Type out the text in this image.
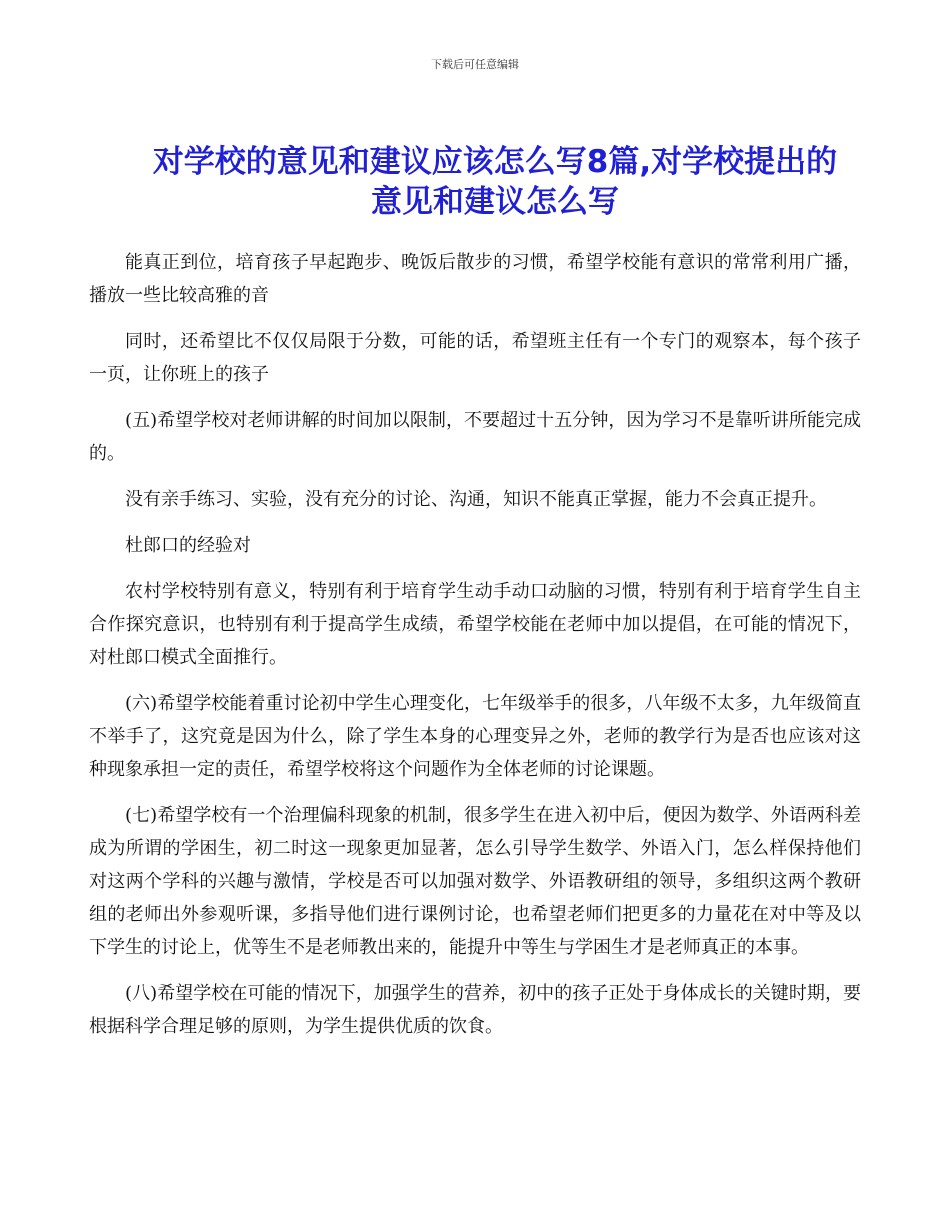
下载后可任意编辑
对学校的意见和建议应该怎么写8篇,对学校提出的意见和建议怎么写

能真正到位，培育孩子早起跑步、晚饭后散步的习惯，希望学校能有意识的常常利用广播，播放一些比较高雅的音

同时，还希望比不仅仅局限于分数，可能的话，希望班主任有一个专门的观察本，每个孩子一页，让你班上的孩子

(五)希望学校对老师讲解的时间加以限制，不要超过十五分钟，因为学习不是靠听讲所能完成的。

没有亲手练习、实验，没有充分的讨论、沟通，知识不能真正掌握，能力不会真正提升。

杜郎口的经验对

农村学校特别有意义，特别有利于培育学生动手动口动脑的习惯，特别有利于培育学生自主合作探究意识，也特别有利于提高学生成绩，希望学校能在老师中加以提倡，在可能的情况下，对杜郎口模式全面推行。

(六)希望学校能着重讨论初中学生心理变化，七年级举手的很多，八年级不太多，九年级简直不举手了，这究竟是因为什么，除了学生本身的心理变异之外，老师的教学行为是否也应该对这种现象承担一定的责任，希望学校将这个问题作为全体老师的讨论课题。

(七)希望学校有一个治理偏科现象的机制，很多学生在进入初中后，便因为数学、外语两科差成为所谓的学困生，初二时这一现象更加显著，怎么引导学生数学、外语入门，怎么样保持他们对这两个学科的兴趣与激情，学校是否可以加强对数学、外语教研组的领导，多组织这两个教研组的老师出外参观听课，多指导他们进行课例讨论，也希望老师们把更多的力量花在对中等及以下学生的讨论上，优等生不是老师教出来的，能提升中等生与学困生才是老师真正的本事。

(八)希望学校在可能的情况下，加强学生的营养，初中的孩子正处于身体成长的关键时期，要根据科学合理足够的原则，为学生提供优质的饮食。
